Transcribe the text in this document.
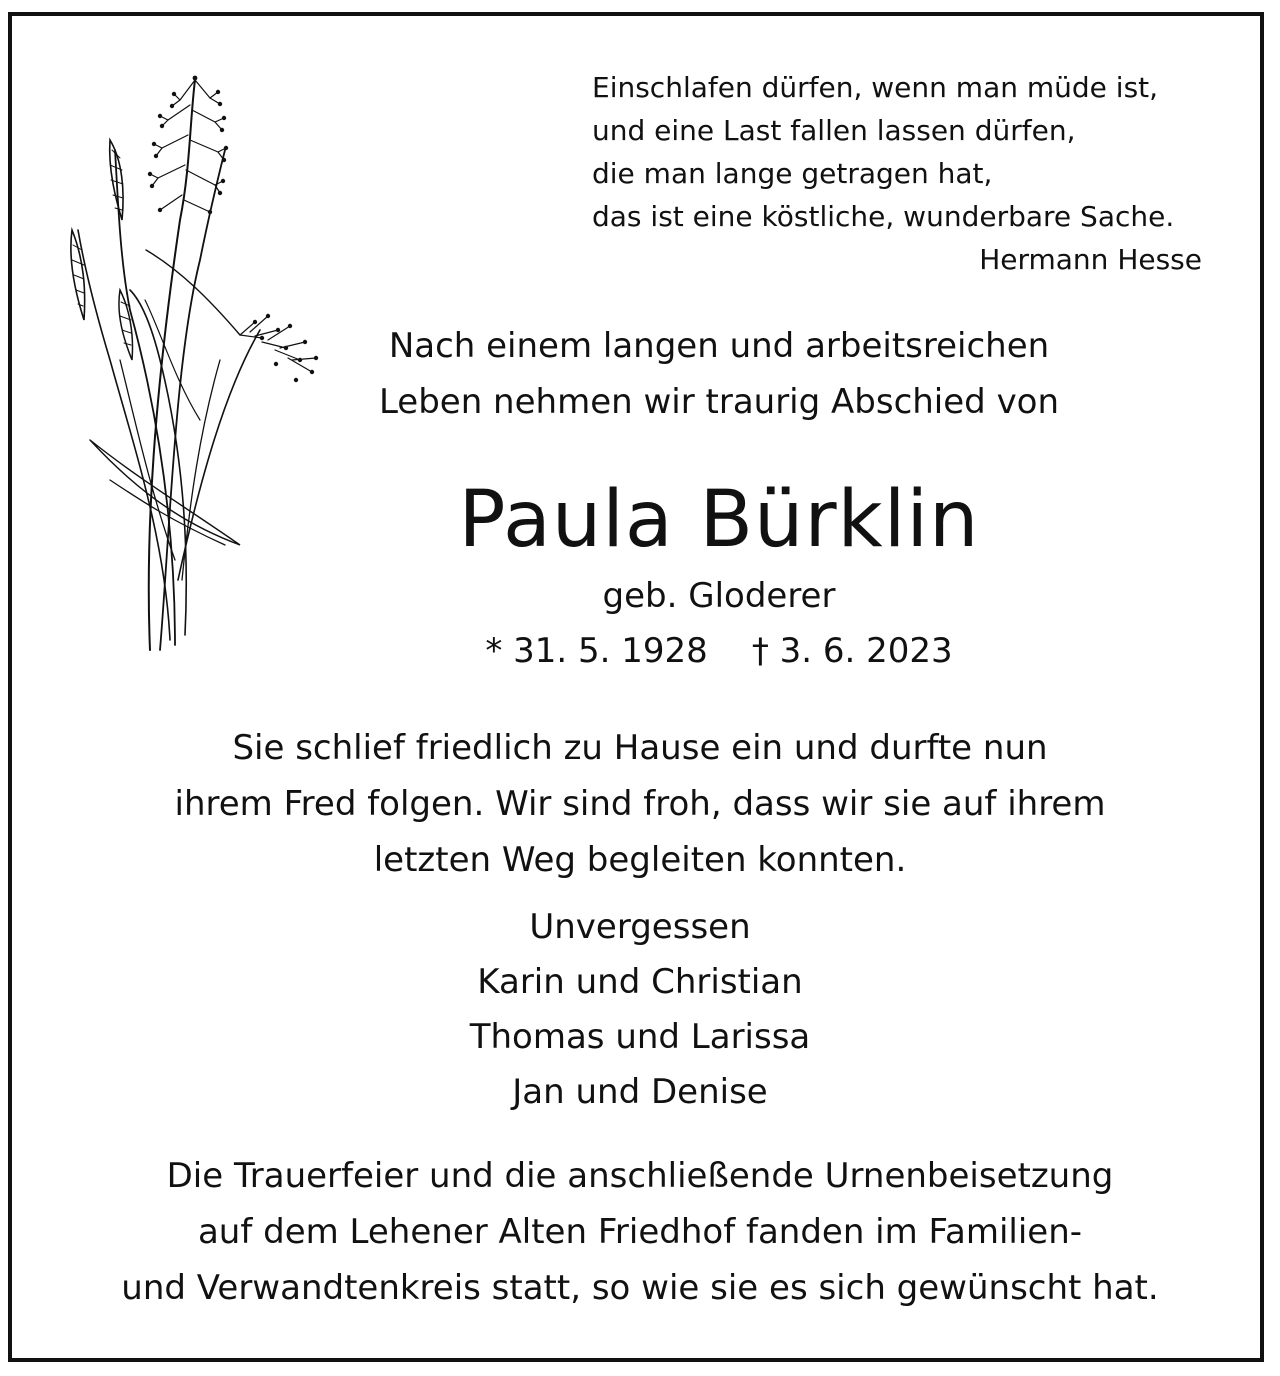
Einschlafen dürfen, wenn man müde ist,
und eine Last fallen lassen dürfen,
die man lange getragen hat,
das ist eine köstliche, wunderbare Sache.
Hermann Hesse
Nach einem langen und arbeitsreichen
Leben nehmen wir traurig Abschied von
Paula Bürklin
geb. Gloderer
* 31. 5. 1928 † 3. 6. 2023
Sie schlief friedlich zu Hause ein und durfte nun
ihrem Fred folgen. Wir sind froh, dass wir sie auf ihrem
letzten Weg begleiten konnten.
Unvergessen
Karin und Christian
Thomas und Larissa
Jan und Denise
Die Trauerfeier und die anschließende Urnenbeisetzung
auf dem Lehener Alten Friedhof fanden im Familien-
und Verwandtenkreis statt, so wie sie es sich gewünscht hat.
